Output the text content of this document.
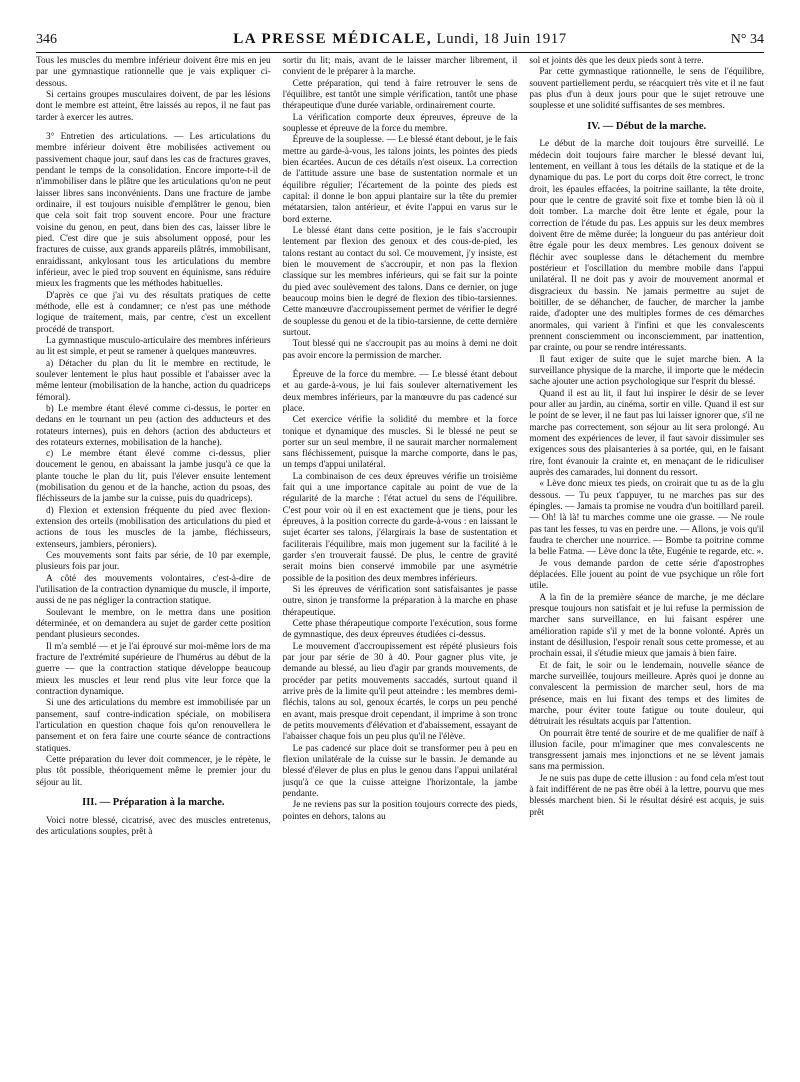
346	LA PRESSE MÉDICALE, Lundi, 18 Juin 1917	N° 34

Tous les muscles du membre inférieur doivent être mis en jeu par une gymnastique rationnelle que je vais expliquer ci-dessous.

Si certains groupes musculaires doivent, de par les lésions dont le membre est atteint, être laissés au repos, il ne faut pas tarder à exercer les autres.

3° Entretien des articulations. — Les articulations du membre inférieur doivent être mobilisées activement ou passivement chaque jour, sauf dans les cas de fractures graves, pendant le temps de la consolidation. Encore importe-t-il de n'immobiliser dans le plâtre que les articulations qu'on ne peut laisser libres sans inconvénients. Dans une fracture de jambe ordinaire, il est toujours nuisible d'emplâtrer le genou, bien que cela soit fait trop souvent encore. Pour une fracture voisine du genou, en peut, dans bien des cas, laisser libre le pied. C'est dire que je suis absolument opposé, pour les fractures de cuisse, aux grands appareils plâtrés, immobilisant, enraidissant, ankylosant tous les articulations du membre inférieur, avec le pied trop souvent en équinisme, sans réduire mieux les fragments que les méthodes habituelles.

D'après ce que j'ai vu des résultats pratiques de cette méthode, elle est à condamner; ce n'est pas une méthode logique de traitement, mais, par centre, c'est un excellent procédé de transport.

La gymnastique musculo-articulaire des membres inférieurs au lit est simple, et peut se ramener à quelques manœuvres.

a) Détacher du plan du lit le membre en rectitude, le soulever lentement le plus haut possible et l'abaisser avec la même lenteur (mobilisation de la hanche, action du quadriceps fémoral).

b) Le membre étant élevé comme ci-dessus, le porter en dedans en le tournant un peu (action des adducteurs et des rotateurs internes), puis en dehors (action des abducteurs et des rotateurs externes, mobilisation de la hanche).

c) Le membre étant élevé comme ci-dessus, plier doucement le genou, en abaissant la jambe jusqu'à ce que la plante touche le plan du lit, puis l'élever ensuite lentement (mobilisation du genou et de la hanche, action du psoas, des fléchisseurs de la jambe sur la cuisse, puis du quadriceps).

d) Flexion et extension fréquente du pied avec flexion-extension des orteils (mobilisation des articulations du pied et actions de tous les muscles de la jambe, fléchisseurs, extenseurs, jambiers, péroniers).

Ces mouvements sont faits par série, de 10 par exemple, plusieurs fois par jour.

A côté des mouvements volontaires, c'est-à-dire de l'utilisation de la contraction dynamique du muscle, il importe, aussi de ne pas négliger la contraction statique.

Soulevant le membre, on le mettra dans une position déterminée, et on demandera au sujet de garder cette position pendant plusieurs secondes.

Il m'a semblé — et je l'ai éprouvé sur moi-même lors de ma fracture de l'extrémité supérieure de l'humérus au début de la guerre — que la contraction statique développe beaucoup mieux les muscles et leur rend plus vite leur force que la contraction dynamique.

Si une des articulations du membre est immobilisée par un pansement, sauf contre-indication spéciale, on mobilisera l'articulation en question chaque fois qu'on renouvellera le pansement et on fera faire une courte séance de contractions statiques.

Cette préparation du lever doit commencer, je le répète, le plus tôt possible, théoriquement même le premier jour du séjour au lit.

III. — Préparation à la marche.

Voici notre blessé, cicatrisé, avec des muscles entretenus, des articulations souples, prêt à

sortir du lit; mais, avant de le laisser marcher librement, il convient de le préparer à la marche.

Cette préparation, qui tend à faire retrouver le sens de l'équilibre, est tantôt une simple vérification, tantôt une phase thérapeutique d'une durée variable, ordinairement courte.

La vérification comporte deux épreuves, épreuve de la souplesse et épreuve de la force du membre.

Épreuve de la souplesse. — Le blessé étant debout, je le fais mettre au garde-à-vous, les talons joints, les pointes des pieds bien écartées. Aucun de ces détails n'est oiseux. La correction de l'attitude assure une base de sustentation normale et un équilibre régulier; l'écartement de la pointe des pieds est capital: il donne le bon appui plantaire sur la tête du premier métatarsien, talon antérieur, et évite l'appui en varus sur le bord externe.

Le blessé étant dans cette position, je le fais s'accroupir lentement par flexion des genoux et des cous-de-pied, les talons restant au contact du sol. Ce mouvement, j'y insiste, est bien le mouvement de s'accroupir, et non pas la flexion classique sur les membres inférieurs, qui se fait sur la pointe du pied avec soulèvement des talons. Dans ce dernier, on juge beaucoup moins bien le degré de flexion des tibio-tarsiennes. Cette manœuvre d'accroupissement permet de vérifier le degré de souplesse du genou et de la tibio-tarsienne, de cette dernière surtout.

Tout blessé qui ne s'accroupit pas au moins à demi ne doit pas avoir encore la permission de marcher.

Épreuve de la force du membre. — Le blessé étant debout et au garde-à-vous, je lui fais soulever alternativement les deux membres inférieurs, par la manœuvre du pas cadencé sur place.

Cet exercice vérifie la solidité du membre et la force tonique et dynamique des muscles. Si le blessé ne peut se porter sur un seul membre, il ne saurait marcher normalement sans fléchissement, puisque la marche comporte, dans le pas, un temps d'appui unilatéral.

La combinaison de ces deux épreuves vérifie un troisième fait qui a une importance capitale au point de vue de la régularité de la marche : l'état actuel du sens de l'équilibre. C'est pour voir où il en est exactement que je tiens, pour les épreuves, à la position correcte du garde-à-vous : en laissant le sujet écarter ses talons, j'élargirais la base de sustentation et faciliterais l'équilibre, mais mon jugement sur la facilité à le garder s'en trouverait faussé. De plus, le centre de gravité serait moins bien conservé immobile par une asymétrie possible de la position des deux membres inférieurs.

Si les épreuves de vérification sont satisfaisantes je passe outre, sinon je transforme la préparation à la marche en phase thérapeutique.

Cette phase thérapeutique comporte l'exécution, sous forme de gymnastique, des deux épreuves étudiées ci-dessus.

Le mouvement d'accroupissement est répété plusieurs fois par jour par série de 30 à 40. Pour gagner plus vite, je demande au blessé, au lieu d'agir par grands mouvements, de procéder par petits mouvements saccadés, surtout quand il arrive près de la limite qu'il peut atteindre : les membres demi-fléchis, talons au sol, genoux écartés, le corps un peu penché en avant, mais presque droit cependant, il imprime à son tronc de petits mouvements d'élévation et d'abaissement, essayant de l'abaisser chaque fois un peu plus qu'il ne l'élève.

Le pas cadencé sur place doit se transformer peu à peu en flexion unilatérale de la cuisse sur le bassin. Je demande au blessé d'élever de plus en plus le genou dans l'appui unilatéral jusqu'à ce que la cuisse atteigne l'horizontale, la jambe pendante.

Je ne reviens pas sur la position toujours correcte des pieds, pointes en dehors, talons au

sol et joints dès que les deux pieds sont à terre.

Par cette gymnastique rationnelle, le sens de l'équilibre, souvent partiellement perdu, se réacquiert très vite et il ne faut pas plus d'un à deux jours pour que le sujet retrouve une souplesse et une solidité suffisantes de ses membres.

IV. — Début de la marche.

Le début de la marche doit toujours être surveillé. Le médecin doit toujours faire marcher le blessé devant lui, lentement, en veillant à tous les détails de la statique et de la dynamique du pas. Le port du corps doit être correct, le tronc droit, les épaules effacées, la poitrine saillante, la tête droite, pour que le centre de gravité soit fixe et tombe bien là où il doit tomber. La marche doit être lente et égale, pour la correction de l'étude du pas. Les appuis sur les deux membres doivent être de même durée; la longueur du pas antérieur doit être égale pour les deux membres. Les genoux doivent se fléchir avec souplesse dans le détachement du membre postérieur et l'oscillation du membre mobile dans l'appui unilatéral. Il ne doit pas y avoir de mouvement anormal et disgracieux du bassin. Ne jamais permettre au sujet de boitiller, de se déhancher, de faucher, de marcher la jambe raide, d'adopter une des multiples formes de ces démarches anormales, qui varient à l'infini et que les convalescents prennent consciemment ou inconsciemment, par inattention, par crainte, ou pour se rendre intéressants.

Il faut exiger de suite que le sujet marche bien. A la surveillance physique de la marche, il importe que le médecin sache ajouter une action psychologique sur l'esprit du blessé.

Quand il est au lit, il faut lui inspirer le désir de se lever pour aller au jardin, au cinéma, sortir en ville. Quand il est sur le point de se lever, il ne faut pas lui laisser ignorer que, s'il ne marche pas correctement, son séjour au lit sera prolongé. Au moment des expériences de lever, il faut savoir dissimuler ses exigences sous des plaisanteries à sa portée, qui, en le faisant rire, font évanouir la crainte et, en menaçant de le ridiculiser auprès des camarades, lui donnent du ressort.

« Lève donc mieux tes pieds, on croirait que tu as de la glu dessous. — Tu peux t'appuyer, tu ne marches pas sur des épingles. — Jamais ta promise ne voudra d'un boitillard pareil. — Oh! là là! tu marches comme une oie grasse. — Ne roule pas tant les fesses, tu vas en perdre une. — Allons, je vois qu'il faudra te chercher une nourrice. — Bombe ta poitrine comme la belle Fatma. — Lève donc la tête, Eugénie te regarde, etc. ».

Je vous demande pardon de cette série d'apostrophes déplacées. Elle jouent au point de vue psychique un rôle fort utile.

A la fin de la première séance de marche, je me déclare presque toujours non satisfait et je lui refuse la permission de marcher sans surveillance, en lui faisant espérer une amélioration rapide s'il y met de la bonne volonté. Après un instant de désillusion, l'espoir renaît sous cette promesse, et au prochain essai, il s'étudie mieux que jamais à bien faire.

Et de fait, le soir ou le lendemain, nouvelle séance de marche surveillée, toujours meilleure. Après quoi je donne au convalescent la permission de marcher seul, hors de ma présence, mais en lui fixant des temps et des limites de marche, pour éviter toute fatigue ou toute douleur, qui détruirait les résultats acquis par l'attention.

On pourrait être tenté de sourire et de me qualifier de naïf à illusion facile, pour m'imaginer que mes convalescents ne transgressent jamais mes injonctions et ne se lèvent jamais sans ma permission.

Je ne suis pas dupe de cette illusion : au fond cela m'est tout à fait indifférent de ne pas être obéi à la lettre, pourvu que mes blessés marchent bien. Si le résultat désiré est acquis, je suis prêt
